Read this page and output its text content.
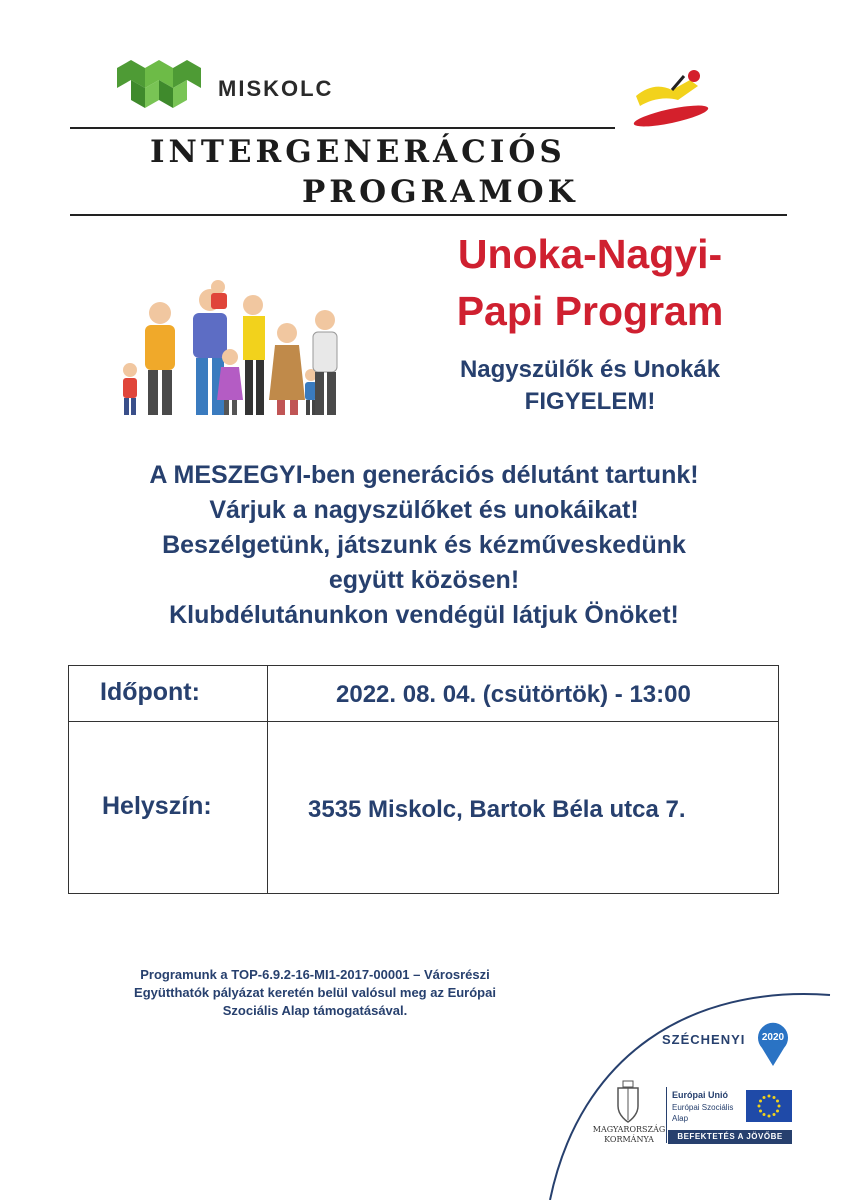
MISKOLC
INTERGENERÁCIÓS
PROGRAMOK
Unoka-Nagyi-
Papi Program
Nagyszülők és Unokák
FIGYELEM!
A MESZEGYI-ben generációs délutánt tartunk!
Várjuk a nagyszülőket és unokáikat!
Beszélgetünk, játszunk és kézműveskedünk
együtt közösen!
Klubdélutánunkon vendégül látjuk Önöket!
Időpont:	2022. 08. 04. (csütörtök) - 13:00
Helyszín:	3535 Miskolc, Bartok Béla utca 7.
Programunk a TOP-6.9.2-16-MI1-2017-00001 – Városrészi
Együtthatók pályázat keretén belül valósul meg az Európai
Szociális Alap támogatásával.
SZÉCHENYI	2020
MAGYARORSZÁG
KORMÁNYA
Európai Unió
Európai Szociális Alap
BEFEKTETÉS A JÖVŐBE
